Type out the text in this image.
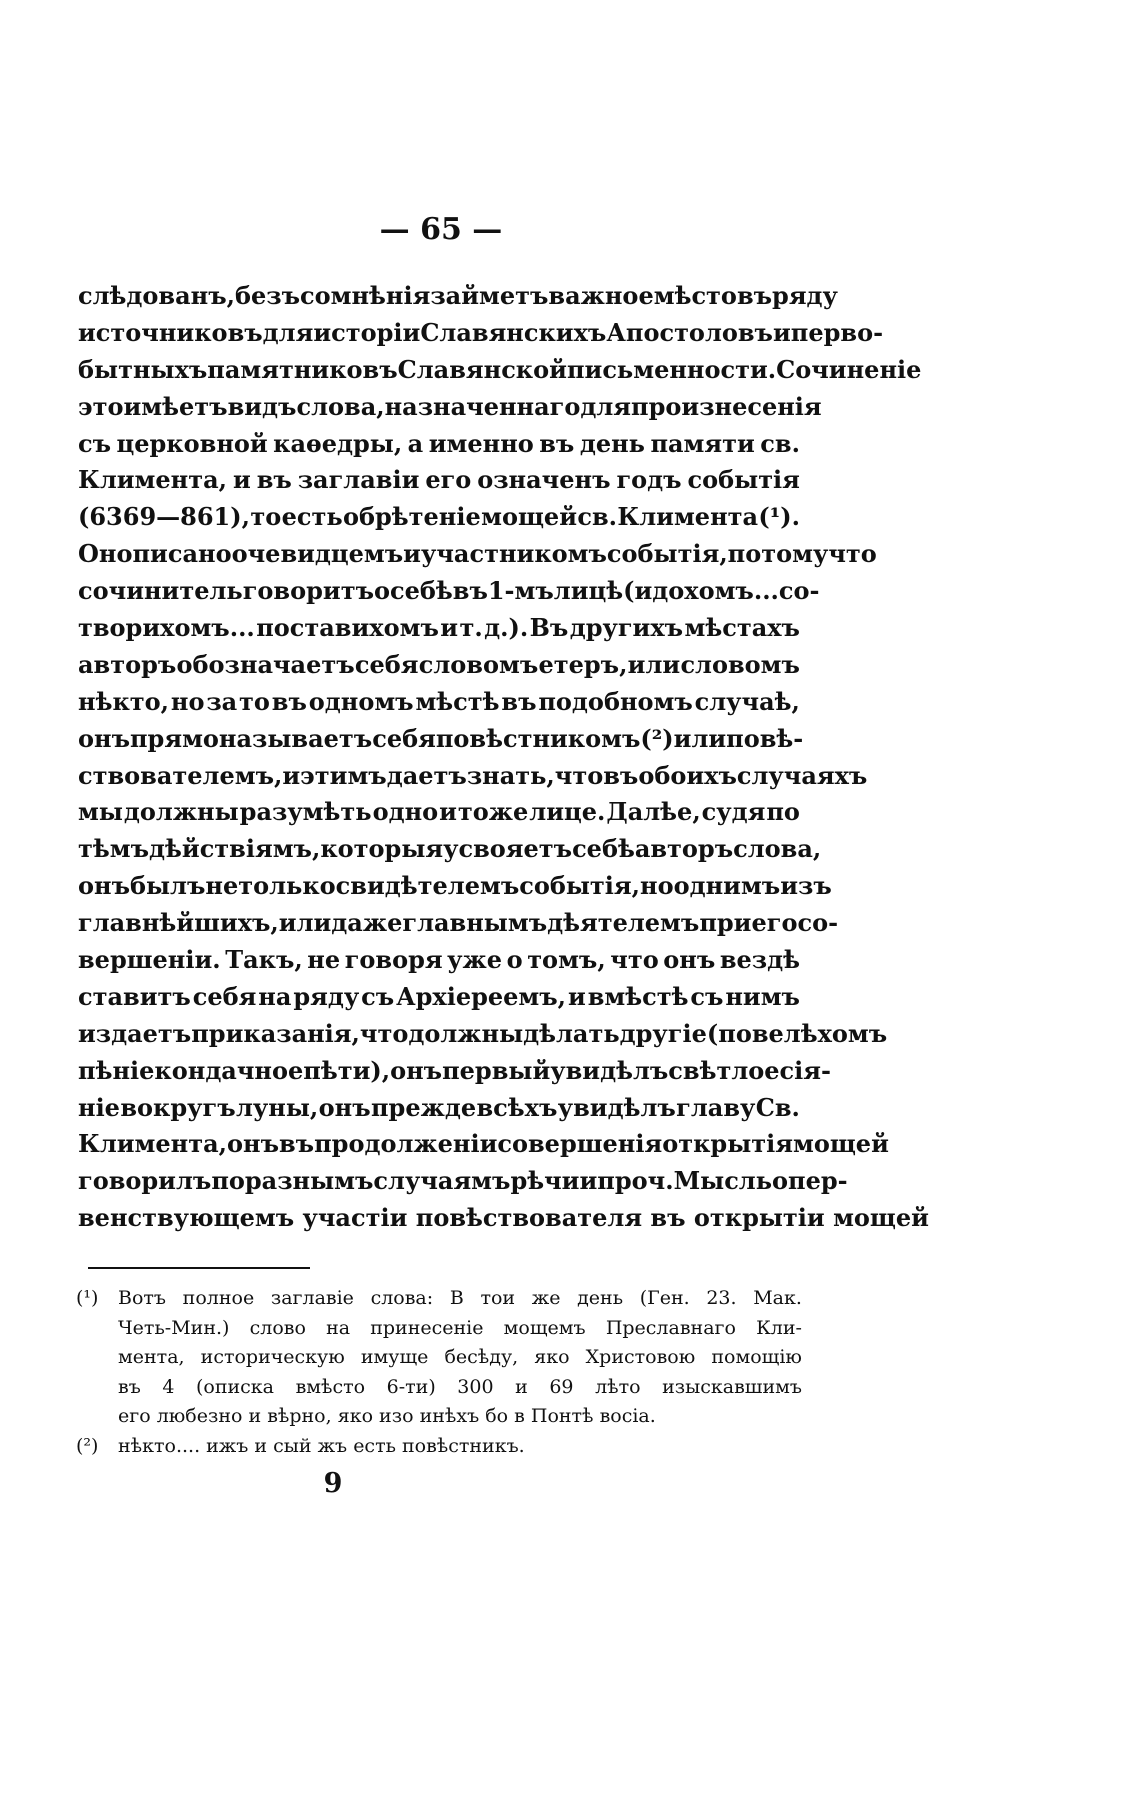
— 65 —
слѣдованъ, безъ сомнѣнія займетъ важное мѣсто въ ряду
источниковъ для исторіи Славянскихъ Апостоловъ и перво-
бытныхъ памятниковъ Славянской письменности. Сочиненіе
это имѣетъ видъ слова, назначеннаго для произнесенія
съ церковной каѳедры, а именно въ день памяти св.
Климента, и въ заглавіи его означенъ годъ событія
(6369—861), то есть обрѣтеніе мощей св. Климента (¹).
Оно писано очевидцемъ и участникомъ событія ,потому что
сочинитель говоритъ о себѣ въ 1-мъ лицѣ (идохомъ... со-
творихомъ... поставихомъ и т. д.). Въ другихъ мѣстахъ
авторъ обозначаетъ себя словомъ етеръ, или словомъ
нѣкто, но за то въ одномъ мѣстѣ въ подобномъ случаѣ,
онъ прямо называетъ себя повѣстникомъ (²) или повѣ-
ствователемъ, и этимъ даетъ знать, что въ обоихъ случаяхъ
мы должны разумѣть одно и тоже лице. Далѣе, судя по
тѣмъ дѣйствіямъ, которыя усвояетъ себѣ авторъ слова,
онъ былъ не только свидѣтелемъ событія, но однимъ изъ
главнѣйшихъ, или даже главнымъ дѣятелемъ при его со-
вершеніи. Такъ, не говоря уже о томъ, что онъ вездѣ
ставитъ себя на ряду съ Архіереемъ, и вмѣстѣ съ нимъ
издаетъ приказанія, что должны дѣлать другіе (повелѣхомъ
пѣніе кондачное пѣти), онъ первый увидѣлъ свѣтлое сія-
ніе вокругъ луны, онъ прежде всѣхъ увидѣлъ главу Св.
Климента, онъ въ продолженіи совершенія открытія мощей
говорилъ по разнымъ случаямъ рѣчи и проч. Мысль о пер-
венствующемъ участіи повѣствователя въ открытіи мощей
(¹)	Вотъ полное заглавіе слова: В тои же день (Ген. 23. Мак.
Четь-Мин.) слово на принесеніе мощемъ Преславнаго Кли-
мента, историческую имуще бесѣду, яко Христовою помощію
въ 4 (описка вмѣсто 6-ти) 300 и 69 лѣто изыскавшимъ
его любезно и вѣрно, яко изо инѣхъ бо в Понтѣ восіа.
(²)	нѣкто.... ижъ и сый жъ есть повѣстникъ.
9
